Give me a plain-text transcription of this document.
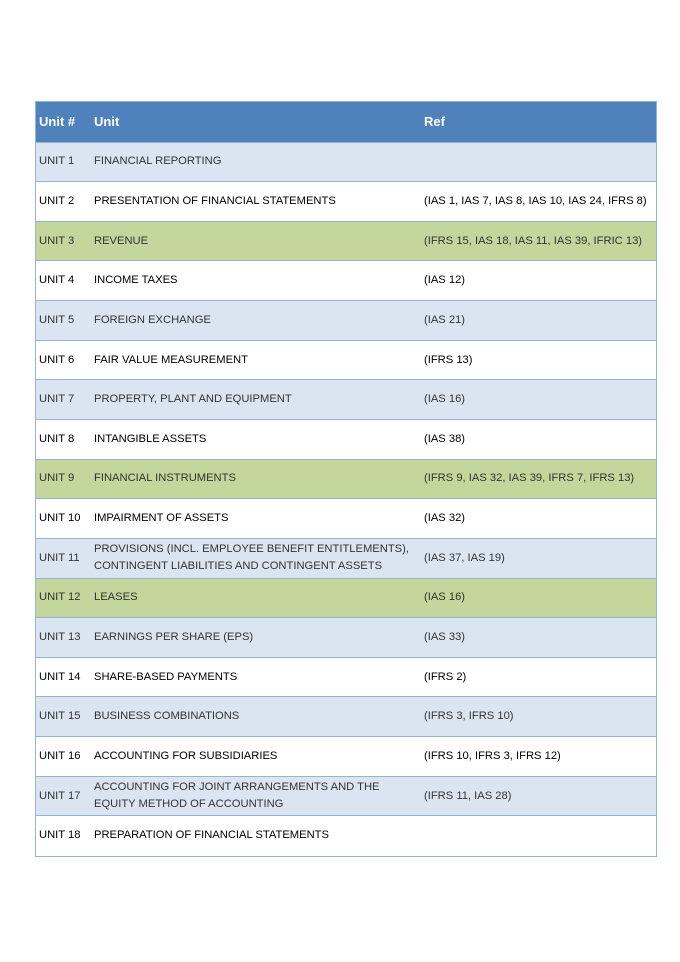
Unit #	Unit	Ref
UNIT 1	FINANCIAL REPORTING	
UNIT 2	PRESENTATION OF FINANCIAL STATEMENTS	(IAS 1, IAS 7, IAS 8, IAS 10, IAS 24, IFRS 8)
UNIT 3	REVENUE	(IFRS 15, IAS 18, IAS 11, IAS 39, IFRIC 13)
UNIT 4	INCOME TAXES	(IAS 12)
UNIT 5	FOREIGN EXCHANGE	(IAS 21)
UNIT 6	FAIR VALUE MEASUREMENT	(IFRS 13)
UNIT 7	PROPERTY, PLANT AND EQUIPMENT	(IAS 16)
UNIT 8	INTANGIBLE ASSETS	(IAS 38)
UNIT 9	FINANCIAL INSTRUMENTS	(IFRS 9, IAS 32, IAS 39, IFRS 7, IFRS 13)
UNIT 10	IMPAIRMENT OF ASSETS	(IAS 32)
UNIT 11	PROVISIONS (INCL. EMPLOYEE BENEFIT ENTITLEMENTS), CONTINGENT LIABILITIES AND CONTINGENT ASSETS	(IAS 37, IAS 19)
UNIT 12	LEASES	(IAS 16)
UNIT 13	EARNINGS PER SHARE (EPS)	(IAS 33)
UNIT 14	SHARE-BASED PAYMENTS	(IFRS 2)
UNIT 15	BUSINESS COMBINATIONS	(IFRS 3, IFRS 10)
UNIT 16	ACCOUNTING FOR SUBSIDIARIES	(IFRS 10, IFRS 3, IFRS 12)
UNIT 17	ACCOUNTING FOR JOINT ARRANGEMENTS AND THE EQUITY METHOD OF ACCOUNTING	(IFRS 11, IAS 28)
UNIT 18	PREPARATION OF FINANCIAL STATEMENTS	
